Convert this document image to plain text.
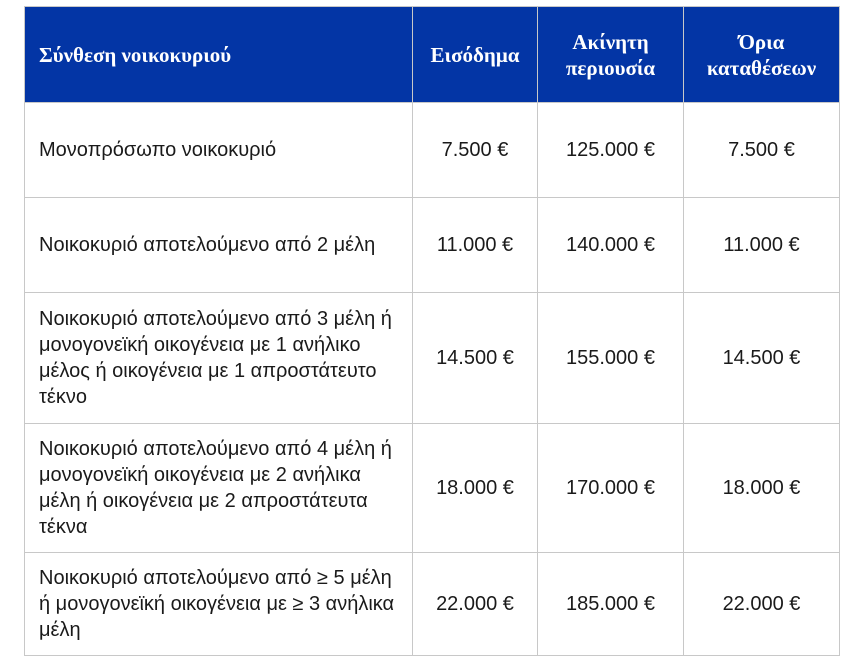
Σύνθεση νοικοκυριού	Εισόδημα	Ακίνητη περιουσία	Όρια καταθέσεων
Μονοπρόσωπο νοικοκυριό	7.500 €	125.000 €	7.500 €
Νοικοκυριό αποτελούμενο από 2 μέλη	11.000 €	140.000 €	11.000 €
Νοικοκυριό αποτελούμενο από 3 μέλη ή μονογονεϊκή οικογένεια με 1 ανήλικο μέλος ή οικογένεια με 1 απροστάτευτο τέκνο	14.500 €	155.000 €	14.500 €
Νοικοκυριό αποτελούμενο από 4 μέλη ή μονογονεϊκή οικογένεια με 2 ανήλικα μέλη ή οικογένεια με 2 απροστάτευτα τέκνα	18.000 €	170.000 €	18.000 €
Νοικοκυριό αποτελούμενο από ≥ 5 μέλη ή μονογονεϊκή οικογένεια με ≥ 3 ανήλικα μέλη	22.000 €	185.000 €	22.000 €
